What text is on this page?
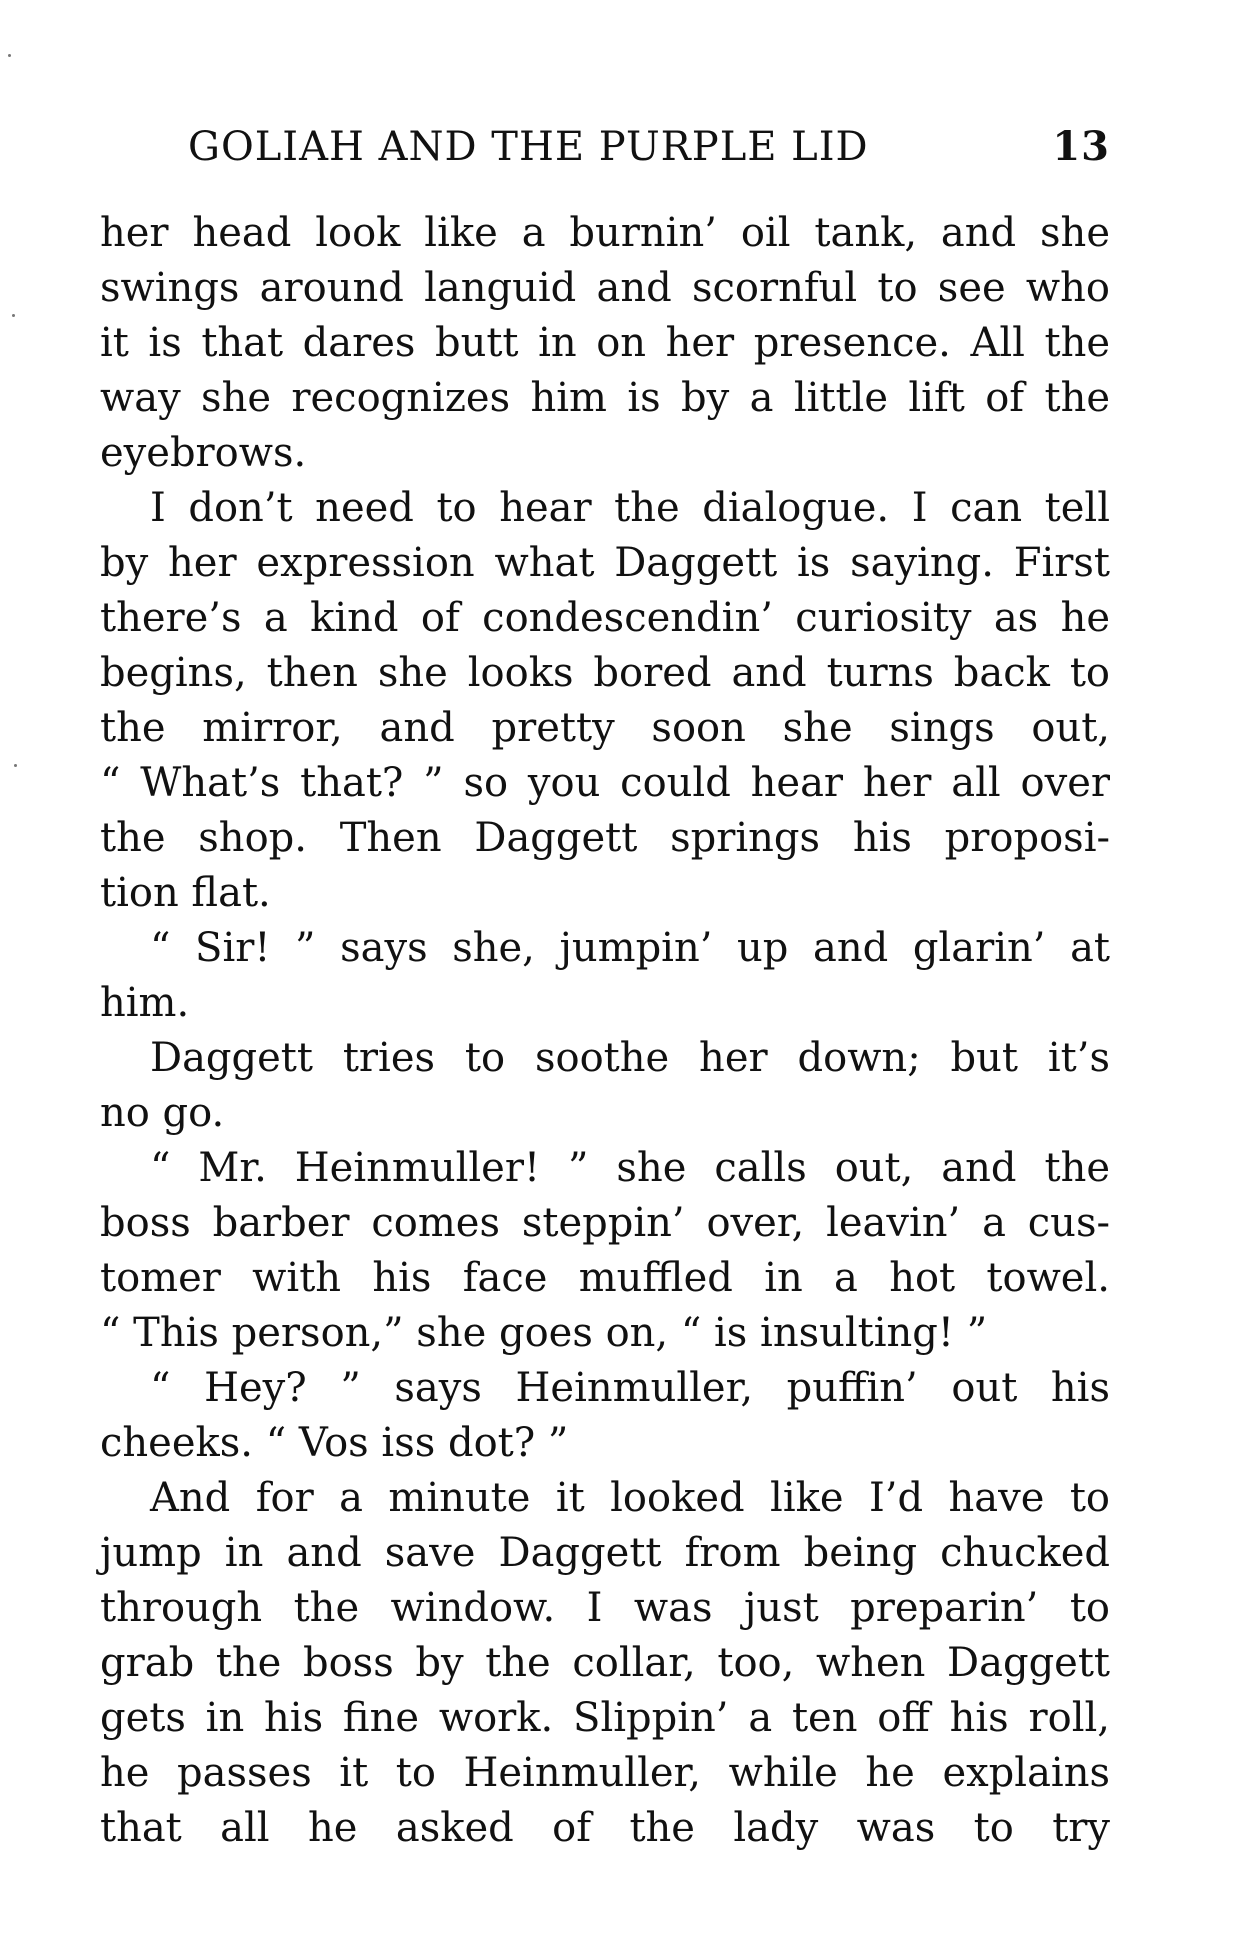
GOLIAH AND THE PURPLE LID	13
her head look like a burnin’ oil tank, and she
swings around languid and scornful to see who
it is that dares butt in on her presence. All the
way she recognizes him is by a little lift of the
eyebrows.
I don’t need to hear the dialogue. I can tell
by her expression what Daggett is saying. First
there’s a kind of condescendin’ curiosity as he
begins, then she looks bored and turns back to
the mirror, and pretty soon she sings out,
“ What’s that? ” so you could hear her all over
the shop. Then Daggett springs his proposi-
tion flat.
“ Sir! ” says she, jumpin’ up and glarin’ at
him.
Daggett tries to soothe her down; but it’s
no go.
“ Mr. Heinmuller! ” she calls out, and the
boss barber comes steppin’ over, leavin’ a cus-
tomer with his face muffled in a hot towel.
“ This person,” she goes on, “ is insulting! ”
“ Hey? ” says Heinmuller, puffin’ out his
cheeks. “ Vos iss dot? ”
And for a minute it looked like I’d have to
jump in and save Daggett from being chucked
through the window. I was just preparin’ to
grab the boss by the collar, too, when Daggett
gets in his fine work. Slippin’ a ten off his roll,
he passes it to Heinmuller, while he explains
that all he asked of the lady was to try
